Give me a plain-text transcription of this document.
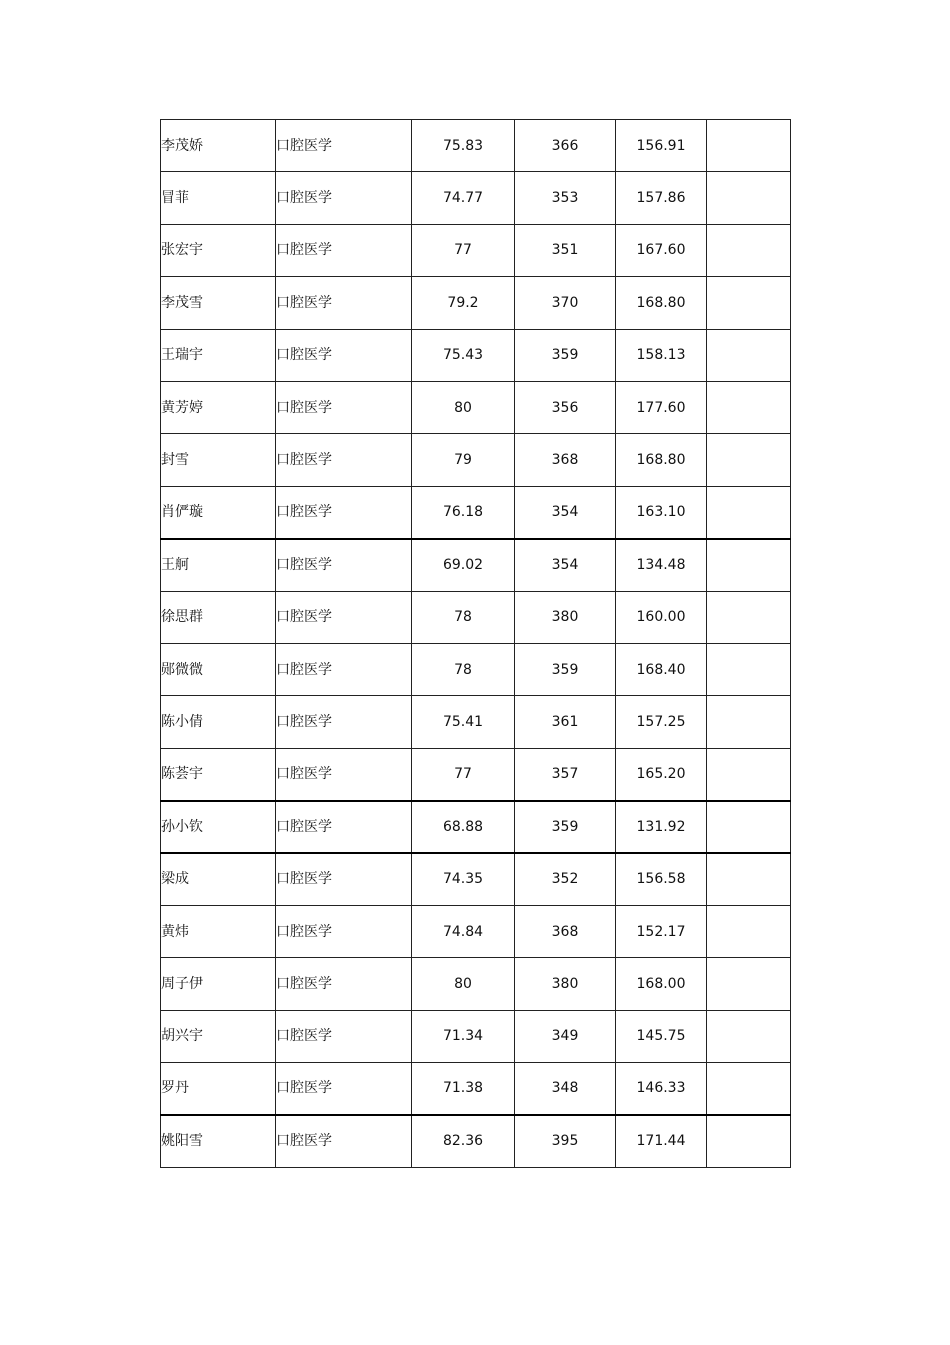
李茂娇	口腔医学	75.83	366	156.91	
冒菲	口腔医学	74.77	353	157.86	
张宏宇	口腔医学	77	351	167.60	
李茂雪	口腔医学	79.2	370	168.80	
王瑞宇	口腔医学	75.43	359	158.13	
黄芳婷	口腔医学	80	356	177.60	
封雪	口腔医学	79	368	168.80	
肖俨璇	口腔医学	76.18	354	163.10	
王舸	口腔医学	69.02	354	134.48	
徐思群	口腔医学	78	380	160.00	
郧微微	口腔医学	78	359	168.40	
陈小倩	口腔医学	75.41	361	157.25	
陈荟宇	口腔医学	77	357	165.20	
孙小钦	口腔医学	68.88	359	131.92	
梁成	口腔医学	74.35	352	156.58	
黄炜	口腔医学	74.84	368	152.17	
周子伊	口腔医学	80	380	168.00	
胡兴宇	口腔医学	71.34	349	145.75	
罗丹	口腔医学	71.38	348	146.33	
姚阳雪	口腔医学	82.36	395	171.44	
